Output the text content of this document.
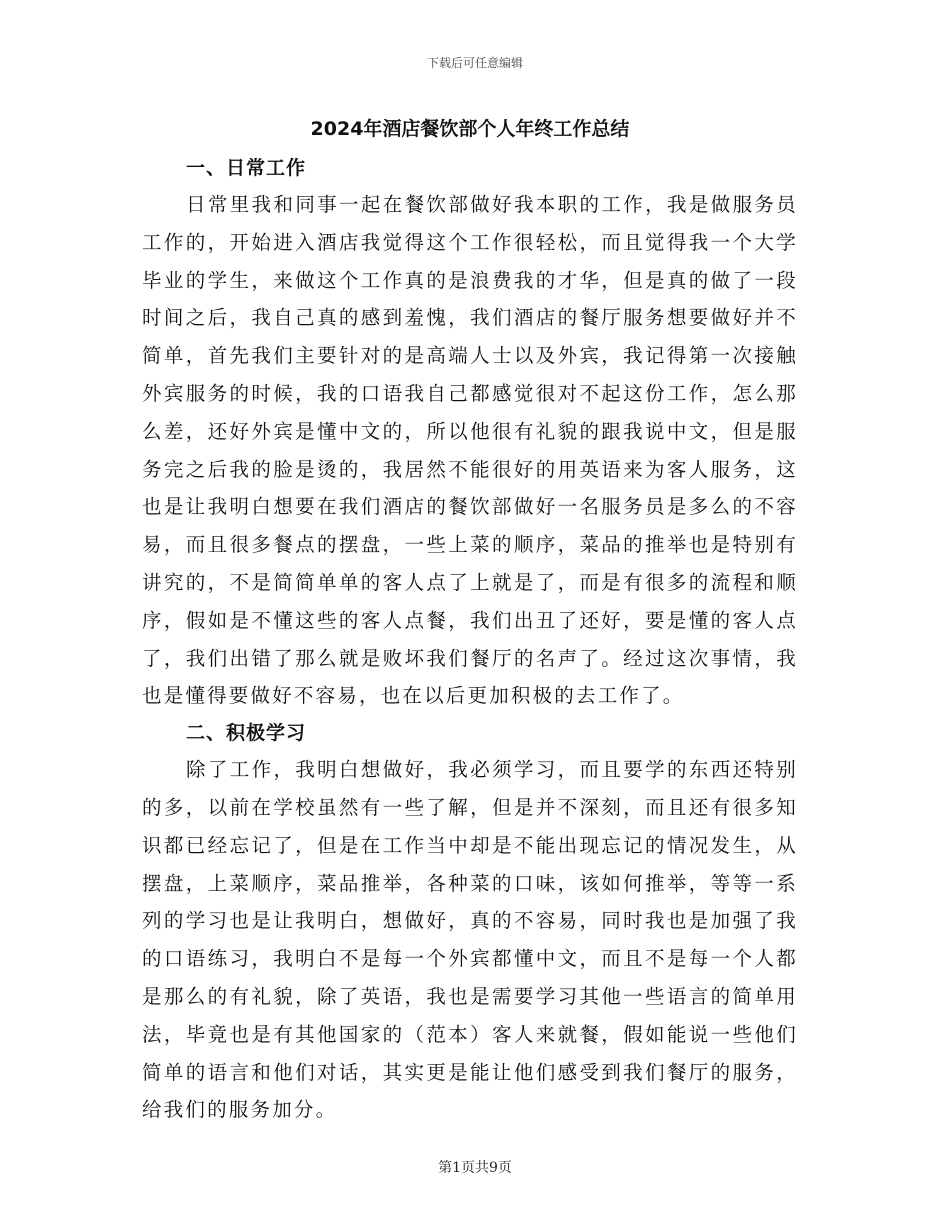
下载后可任意编辑
2024年酒店餐饮部个人年终工作总结
一、日常工作

日常里我和同事一起在餐饮部做好我本职的工作，我是做服务员工作的，开始进入酒店我觉得这个工作很轻松，而且觉得我一个大学毕业的学生，来做这个工作真的是浪费我的才华，但是真的做了一段时间之后，我自己真的感到羞愧，我们酒店的餐厅服务想要做好并不简单，首先我们主要针对的是高端人士以及外宾，我记得第一次接触外宾服务的时候，我的口语我自己都感觉很对不起这份工作，怎么那么差，还好外宾是懂中文的，所以他很有礼貌的跟我说中文，但是服务完之后我的脸是烫的，我居然不能很好的用英语来为客人服务，这也是让我明白想要在我们酒店的餐饮部做好一名服务员是多么的不容易，而且很多餐点的摆盘，一些上菜的顺序，菜品的推举也是特别有讲究的，不是简简单单的客人点了上就是了，而是有很多的流程和顺序，假如是不懂这些的客人点餐，我们出丑了还好，要是懂的客人点了，我们出错了那么就是败坏我们餐厅的名声了。经过这次事情，我也是懂得要做好不容易，也在以后更加积极的去工作了。

二、积极学习

除了工作，我明白想做好，我必须学习，而且要学的东西还特别的多，以前在学校虽然有一些了解，但是并不深刻，而且还有很多知识都已经忘记了，但是在工作当中却是不能出现忘记的情况发生，从摆盘，上菜顺序，菜品推举，各种菜的口味，该如何推举，等等一系列的学习也是让我明白，想做好，真的不容易，同时我也是加强了我的口语练习，我明白不是每一个外宾都懂中文，而且不是每一个人都是那么的有礼貌，除了英语，我也是需要学习其他一些语言的简单用法，毕竟也是有其他国家的（范本）客人来就餐，假如能说一些他们简单的语言和他们对话，其实更是能让他们感受到我们餐厅的服务，给我们的服务加分。

第1页共9页
